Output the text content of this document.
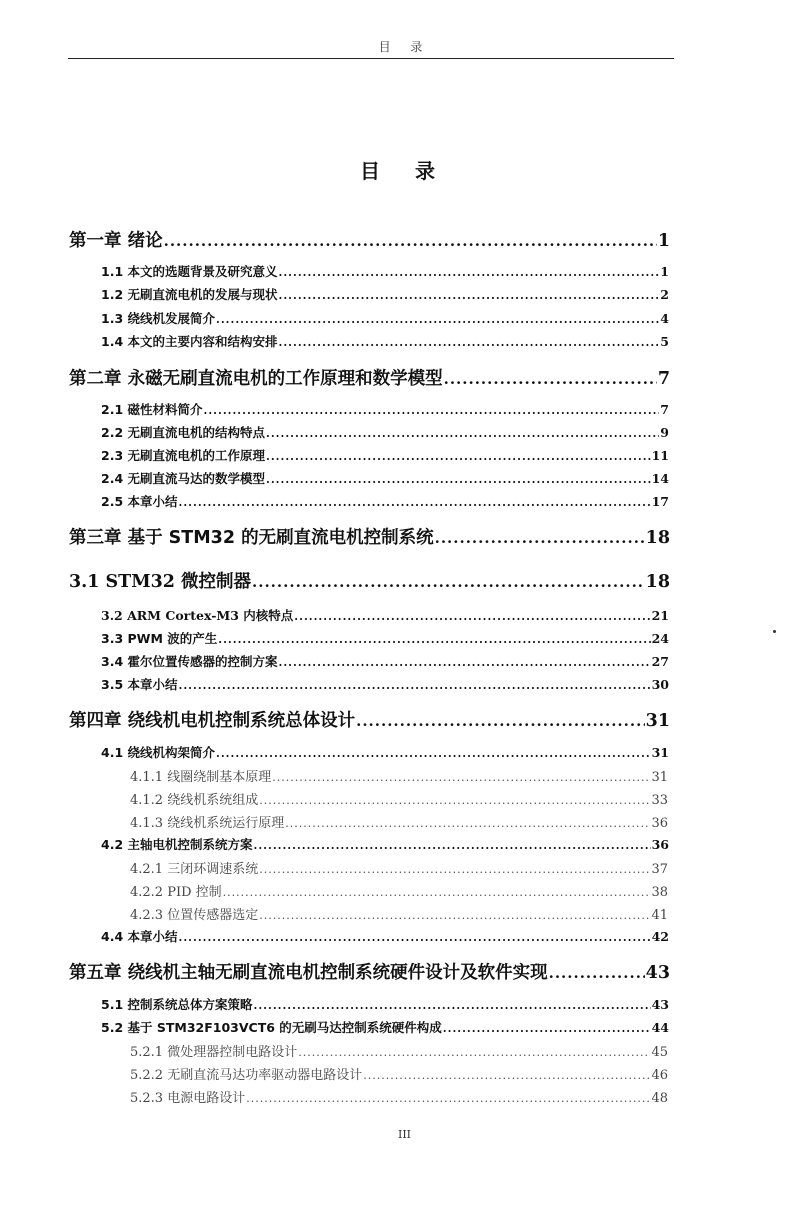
目 录
目 录
第一章 绪论 .....	1
1.1 本文的选题背景及研究意义 .....	1
1.2 无刷直流电机的发展与现状 .....	2
1.3 绕线机发展简介 .....	4
1.4 本文的主要内容和结构安排 .....	5
第二章 永磁无刷直流电机的工作原理和数学模型 .....	7
2.1 磁性材料简介 .....	7
2.2 无刷直流电机的结构特点 .....	9
2.3 无刷直流电机的工作原理 .....	11
2.4 无刷直流马达的数学模型 .....	14
2.5 本章小结 .....	17
第三章 基于 STM32 的无刷直流电机控制系统 .....	18
3.1 STM32 微控制器 .....	18
3.2 ARM Cortex-M3 内核特点 .....	21
3.3 PWM 波的产生 .....	24
3.4 霍尔位置传感器的控制方案 .....	27
3.5 本章小结 .....	30
第四章 绕线机电机控制系统总体设计 .....	31
4.1 绕线机构架简介 .....	31
4.1.1 线圈绕制基本原理 .....	31
4.1.2 绕线机系统组成 .....	33
4.1.3 绕线机系统运行原理 .....	36
4.2 主轴电机控制系统方案 .....	36
4.2.1 三闭环调速系统 .....	37
4.2.2 PID 控制 .....	38
4.2.3 位置传感器选定 .....	41
4.4 本章小结 .....	42
第五章 绕线机主轴无刷直流电机控制系统硬件设计及软件实现 .....	43
5.1 控制系统总体方案策略 .....	43
5.2 基于 STM32F103VCT6 的无刷马达控制系统硬件构成 .....	44
5.2.1 微处理器控制电路设计 .....	45
5.2.2 无刷直流马达功率驱动器电路设计 .....	46
5.2.3 电源电路设计 .....	48
III
